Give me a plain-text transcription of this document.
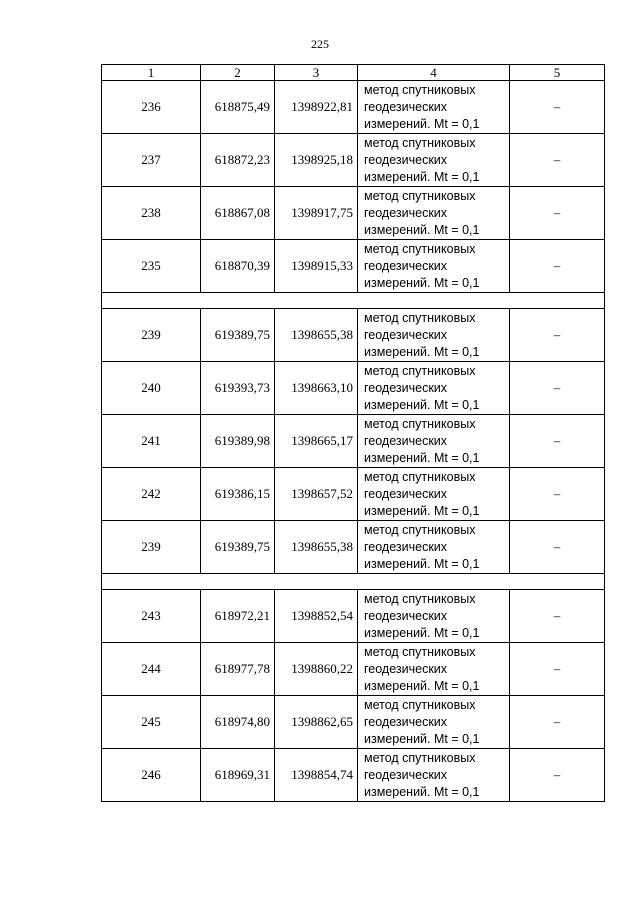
225
1	2	3	4	5
236	618875,49	1398922,81	метод спутниковых
геодезических
измерений. Mt = 0,1	–
237	618872,23	1398925,18	метод спутниковых
геодезических
измерений. Mt = 0,1	–
238	618867,08	1398917,75	метод спутниковых
геодезических
измерений. Mt = 0,1	–
235	618870,39	1398915,33	метод спутниковых
геодезических
измерений. Mt = 0,1	–

239	619389,75	1398655,38	метод спутниковых
геодезических
измерений. Mt = 0,1	–
240	619393,73	1398663,10	метод спутниковых
геодезических
измерений. Mt = 0,1	–
241	619389,98	1398665,17	метод спутниковых
геодезических
измерений. Mt = 0,1	–
242	619386,15	1398657,52	метод спутниковых
геодезических
измерений. Mt = 0,1	–
239	619389,75	1398655,38	метод спутниковых
геодезических
измерений. Mt = 0,1	–

243	618972,21	1398852,54	метод спутниковых
геодезических
измерений. Mt = 0,1	–
244	618977,78	1398860,22	метод спутниковых
геодезических
измерений. Mt = 0,1	–
245	618974,80	1398862,65	метод спутниковых
геодезических
измерений. Mt = 0,1	–
246	618969,31	1398854,74	метод спутниковых
геодезических
измерений. Mt = 0,1	–
